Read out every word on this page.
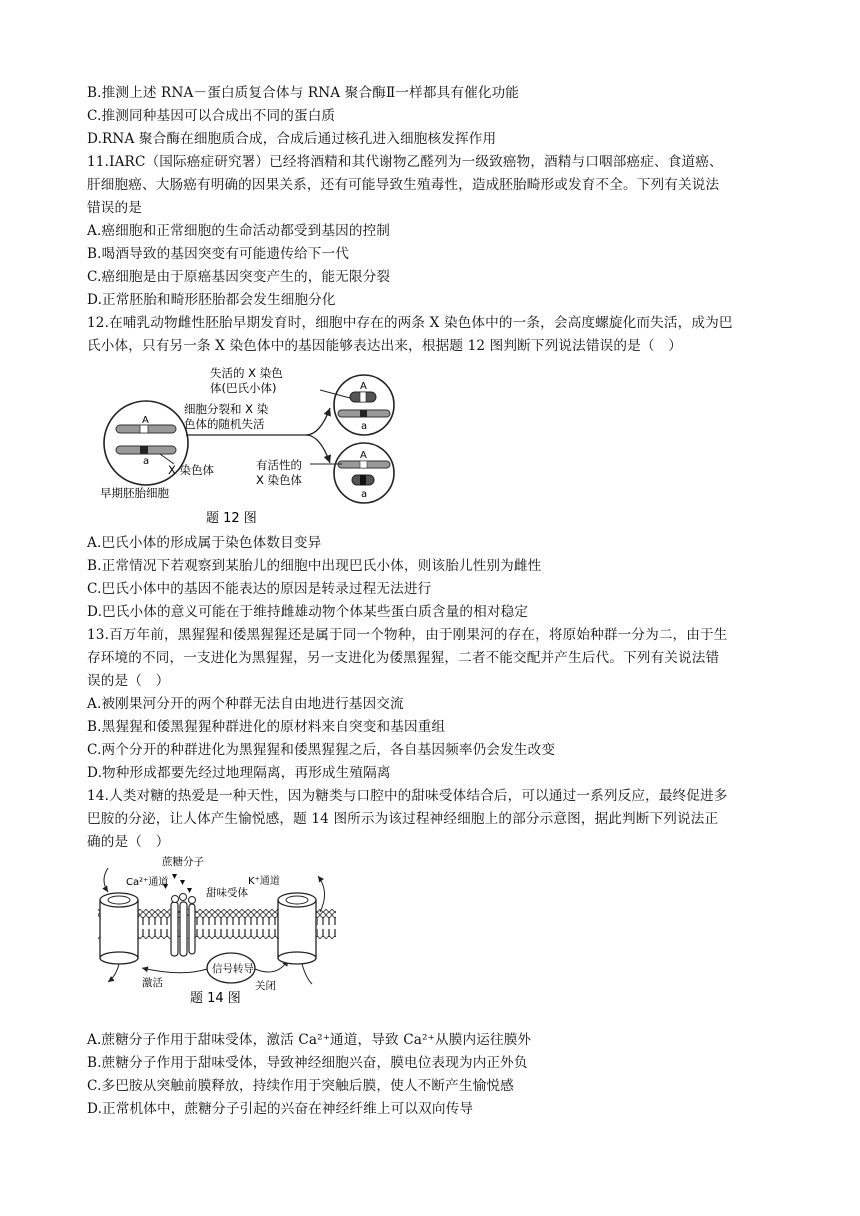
B.推测上述 RNA－蛋白质复合体与 RNA 聚合酶Ⅱ一样都具有催化功能
C.推测同种基因可以合成出不同的蛋白质
D.RNA 聚合酶在细胞质合成，合成后通过核孔进入细胞核发挥作用
11.IARC（国际癌症研究署）已经将酒精和其代谢物乙醛列为一级致癌物，酒精与口咽部癌症、食道癌、
肝细胞癌、大肠癌有明确的因果关系，还有可能导致生殖毒性，造成胚胎畸形或发育不全。下列有关说法
错误的是
A.癌细胞和正常细胞的生命活动都受到基因的控制
B.喝酒导致的基因突变有可能遗传给下一代
C.癌细胞是由于原癌基因突变产生的，能无限分裂
D.正常胚胎和畸形胚胎都会发生细胞分化
12.在哺乳动物雌性胚胎早期发育时，细胞中存在的两条 X 染色体中的一条，会高度螺旋化而失活，成为巴
氏小体，只有另一条 X 染色体中的基因能够表达出来，根据题 12 图判断下列说法错误的是（　）
A
a
X 染色体
早期胚胎细胞
细胞分裂和 X 染
色体的随机失活
失活的 X 染色
体(巴氏小体)	A
a
A
a
有活性的
X 染色体
题 12 图
A.巴氏小体的形成属于染色体数目变异
B.正常情况下若观察到某胎儿的细胞中出现巴氏小体，则该胎儿性别为雌性
C.巴氏小体中的基因不能表达的原因是转录过程无法进行
D.巴氏小体的意义可能在于维持雌雄动物个体某些蛋白质含量的相对稳定
13.百万年前，黑猩猩和倭黑猩猩还是属于同一个物种，由于刚果河的存在，将原始种群一分为二，由于生
存环境的不同，一支进化为黑猩猩，另一支进化为倭黑猩猩，二者不能交配并产生后代。下列有关说法错
误的是（　）
A.被刚果河分开的两个种群无法自由地进行基因交流
B.黑猩猩和倭黑猩猩种群进化的原材料来自突变和基因重组
C.两个分开的种群进化为黑猩猩和倭黑猩猩之后，各自基因频率仍会发生改变
D.物种形成都要先经过地理隔离，再形成生殖隔离
14.人类对糖的热爱是一种天性，因为糖类与口腔中的甜味受体结合后，可以通过一系列反应，最终促进多
巴胺的分泌，让人体产生愉悦感，题 14 图所示为该过程神经细胞上的部分示意图，据此判断下列说法正
确的是（　）
Ca²⁺通道
蔗糖分子
甜味受体
信号转导
激活	关闭
K⁺通道
题 14 图
A.蔗糖分子作用于甜味受体，激活 Ca²⁺通道，导致 Ca²⁺从膜内运往膜外
B.蔗糖分子作用于甜味受体，导致神经细胞兴奋，膜电位表现为内正外负
C.多巴胺从突触前膜释放，持续作用于突触后膜，使人不断产生愉悦感
D.正常机体中，蔗糖分子引起的兴奋在神经纤维上可以双向传导
